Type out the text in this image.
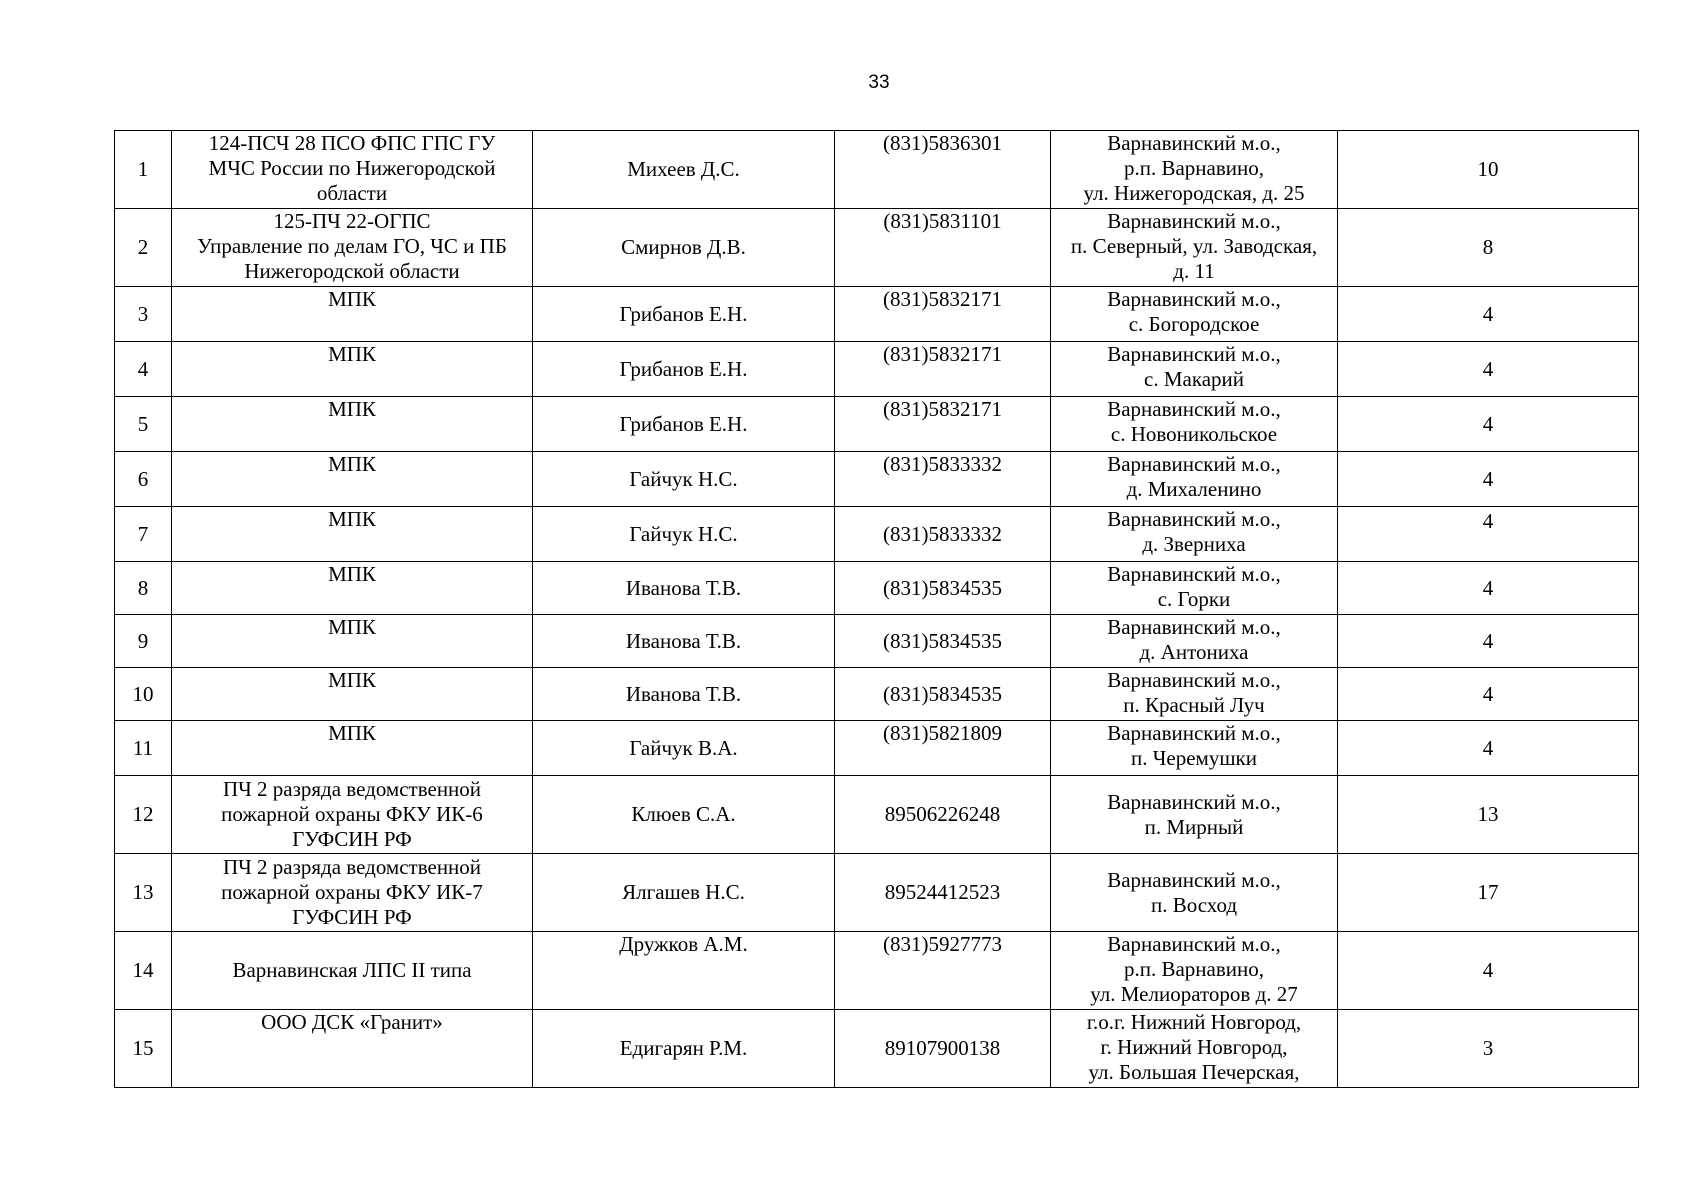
33
1	124-ПСЧ 28 ПСО ФПС ГПС ГУ
МЧС России по Нижегородской
области	Михеев Д.С.	(831)5836301	Варнавинский м.о.,
р.п. Варнавино,
ул. Нижегородская, д. 25	10
2	125-ПЧ 22-ОГПС
Управление по делам ГО, ЧС и ПБ
Нижегородской области	Смирнов Д.В.	(831)5831101	Варнавинский м.о.,
п. Северный, ул. Заводская,
д. 11	8
3	МПК	Грибанов Е.Н.	(831)5832171	Варнавинский м.о.,
с. Богородское	4
4	МПК	Грибанов Е.Н.	(831)5832171	Варнавинский м.о.,
с. Макарий	4
5	МПК	Грибанов Е.Н.	(831)5832171	Варнавинский м.о.,
с. Новоникольское	4
6	МПК	Гайчук Н.С.	(831)5833332	Варнавинский м.о.,
д. Михаленино	4
7	МПК	Гайчук Н.С.	(831)5833332	Варнавинский м.о.,
д. Зверниха	4
8	МПК	Иванова Т.В.	(831)5834535	Варнавинский м.о.,
с. Горки	4
9	МПК	Иванова Т.В.	(831)5834535	Варнавинский м.о.,
д. Антониха	4
10	МПК	Иванова Т.В.	(831)5834535	Варнавинский м.о.,
п. Красный Луч	4
11	МПК	Гайчук В.А.	(831)5821809	Варнавинский м.о.,
п. Черемушки	4
12	ПЧ 2 разряда ведомственной
пожарной охраны ФКУ ИК-6
ГУФСИН РФ	Клюев С.А.	89506226248	Варнавинский м.о.,
п. Мирный	13
13	ПЧ 2 разряда ведомственной
пожарной охраны ФКУ ИК-7
ГУФСИН РФ	Ялгашев Н.С.	89524412523	Варнавинский м.о.,
п. Восход	17
14	Варнавинская ЛПС II типа	Дружков А.М.	(831)5927773	Варнавинский м.о.,
р.п. Варнавино,
ул. Мелиораторов д. 27	4
15	ООО ДСК «Гранит»	Едигарян Р.М.	89107900138	г.о.г. Нижний Новгород,
г. Нижний Новгород,
ул. Большая Печерская,	3
